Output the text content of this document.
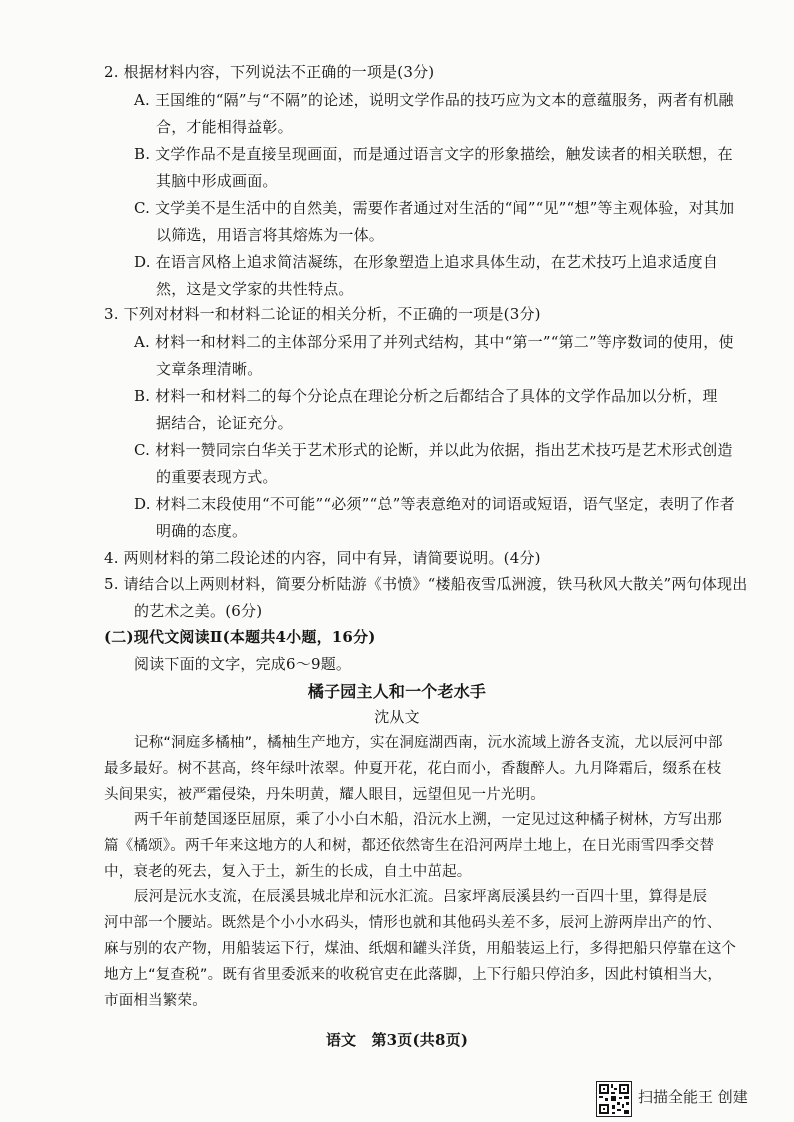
2. 根据材料内容，下列说法不正确的一项是(3分)
A. 王国维的“隔”与“不隔”的论述，说明文学作品的技巧应为文本的意蕴服务，两者有机融
合，才能相得益彰。
B. 文学作品不是直接呈现画面，而是通过语言文字的形象描绘，触发读者的相关联想，在
其脑中形成画面。
C. 文学美不是生活中的自然美，需要作者通过对生活的“闻”“见”“想”等主观体验，对其加
以筛选，用语言将其熔炼为一体。
D. 在语言风格上追求简洁凝练，在形象塑造上追求具体生动，在艺术技巧上追求适度自
然，这是文学家的共性特点。
3. 下列对材料一和材料二论证的相关分析，不正确的一项是(3分)
A. 材料一和材料二的主体部分采用了并列式结构，其中“第一”“第二”等序数词的使用，使
文章条理清晰。
B. 材料一和材料二的每个分论点在理论分析之后都结合了具体的文学作品加以分析，理
据结合，论证充分。
C. 材料一赞同宗白华关于艺术形式的论断，并以此为依据，指出艺术技巧是艺术形式创造
的重要表现方式。
D. 材料二末段使用“不可能”“必须”“总”等表意绝对的词语或短语，语气坚定，表明了作者
明确的态度。
4. 两则材料的第二段论述的内容，同中有异，请简要说明。(4分)
5. 请结合以上两则材料，简要分析陆游《书愤》“楼船夜雪瓜洲渡，铁马秋风大散关”两句体现出
的艺术之美。(6分)
(二)现代文阅读Ⅱ(本题共4小题，16分)
阅读下面的文字，完成6～9题。
橘子园主人和一个老水手
沈从文
记称“洞庭多橘柚”，橘柚生产地方，实在洞庭湖西南，沅水流域上游各支流，尤以辰河中部
最多最好。树不甚高，终年绿叶浓翠。仲夏开花，花白而小，香馥醉人。九月降霜后，缀系在枝
头间果实，被严霜侵染，丹朱明黄，耀人眼目，远望但见一片光明。
两千年前楚国逐臣屈原，乘了小小白木船，沿沅水上溯，一定见过这种橘子树林，方写出那
篇《橘颂》。两千年来这地方的人和树，都还依然寄生在沿河两岸土地上，在日光雨雪四季交替
中，衰老的死去，复入于土，新生的长成，自土中茁起。
辰河是沅水支流，在辰溪县城北岸和沅水汇流。吕家坪离辰溪县约一百四十里，算得是辰
河中部一个腰站。既然是个小小水码头，情形也就和其他码头差不多，辰河上游两岸出产的竹、
麻与别的农产物，用船装运下行，煤油、纸烟和罐头洋货，用船装运上行，多得把船只停靠在这个
地方上“复查税”。既有省里委派来的收税官吏在此落脚，上下行船只停泊多，因此村镇相当大，
市面相当繁荣。
语文　第3页(共8页)
扫描全能王 创建
